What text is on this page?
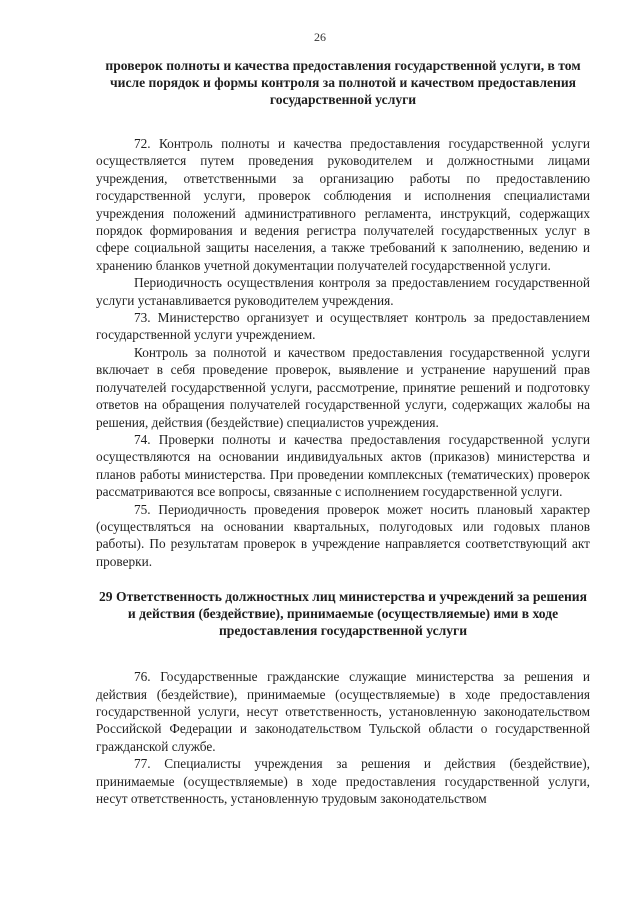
26
проверок полноты и качества предоставления государственной услуги, в том числе порядок и формы контроля за полнотой и качеством предоставления государственной услуги

72. Контроль полноты и качества предоставления государственной услуги осуществляется путем проведения руководителем и должностными лицами учреждения, ответственными за организацию работы по предоставлению государственной услуги, проверок соблюдения и исполнения специалистами учреждения положений административного регламента, инструкций, содержащих порядок формирования и ведения регистра получателей государственных услуг в сфере социальной защиты населения, а также требований к заполнению, ведению и хранению бланков учетной документации получателей государственной услуги.

Периодичность осуществления контроля за предоставлением государственной услуги устанавливается руководителем учреждения.

73. Министерство организует и осуществляет контроль за предоставлением государственной услуги учреждением.

Контроль за полнотой и качеством предоставления государственной услуги включает в себя проведение проверок, выявление и устранение нарушений прав получателей государственной услуги, рассмотрение, принятие решений и подготовку ответов на обращения получателей государственной услуги, содержащих жалобы на решения, действия (бездействие) специалистов учреждения.

74. Проверки полноты и качества предоставления государственной услуги осуществляются на основании индивидуальных актов (приказов) министерства и планов работы министерства. При проведении комплексных (тематических) проверок рассматриваются все вопросы, связанные с исполнением государственной услуги.

75. Периодичность проведения проверок может носить плановый характер (осуществляться на основании квартальных, полугодовых или годовых планов работы). По результатам проверок в учреждение направляется соответствующий акт проверки.

29 Ответственность должностных лиц министерства и учреждений за решения и действия (бездействие), принимаемые (осуществляемые) ими в ходе предоставления государственной услуги

76. Государственные гражданские служащие министерства за решения и действия (бездействие), принимаемые (осуществляемые) в ходе предоставления государственной услуги, несут ответственность, установленную законодательством Российской Федерации и законодательством Тульской области о государственной гражданской службе.

77. Специалисты учреждения за решения и действия (бездействие), принимаемые (осуществляемые) в ходе предоставления государственной услуги, несут ответственность, установленную трудовым законодательством
